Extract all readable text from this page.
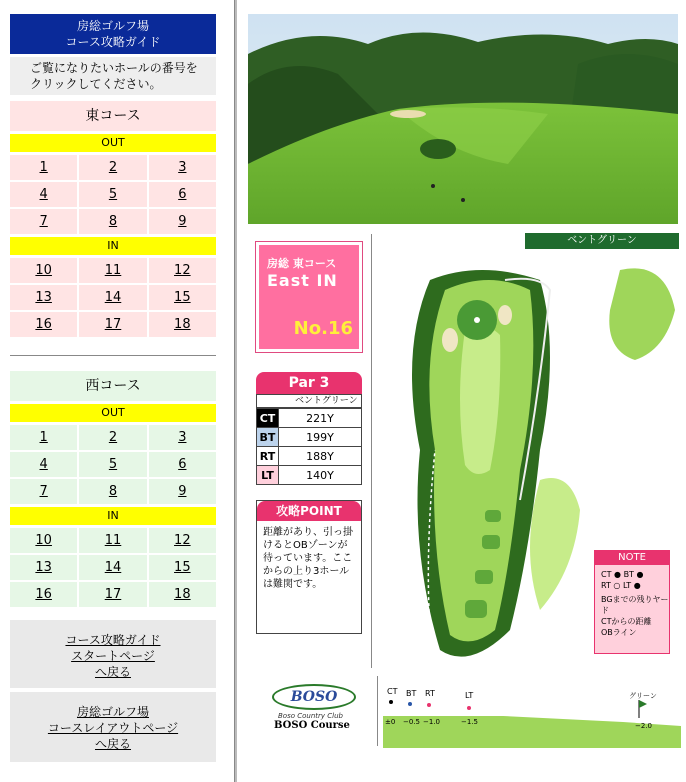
房総ゴルフ場
コース攻略ガイド
ご覧になりたいホールの番号を
クリックしてください。
東コース
OUT
1	2	3
4	5	6
7	8	9
IN
10	11	12
13	14	15
16	17	18
西コース
OUT
1	2	3
4	5	6
7	8	9
IN
10	11	12
13	14	15
16	17	18
コース攻略ガイド
スタートページ
へ戻る
房総ゴルフ場
コースレイアウトページ
へ戻る
房総 東コース
East IN
No.16
Par 3
ベントグリーン
CT	221Y
BT	199Y
RT	188Y
LT	140Y
攻略POINT
距離があり、引っ掛けるとOBゾーンが待っています。ここからの上り3ホールは難関です。
ベントグリーン
NOTE
CT ● BT ●
RT ○ LT ●
BGまでの残りヤード
CTからの距離
OBライン
BOSO
Boso Country Club
BOSO Course
CT BT RT	LT
±0 −0.5 −1.0	−1.5	−2.0
グリーン
